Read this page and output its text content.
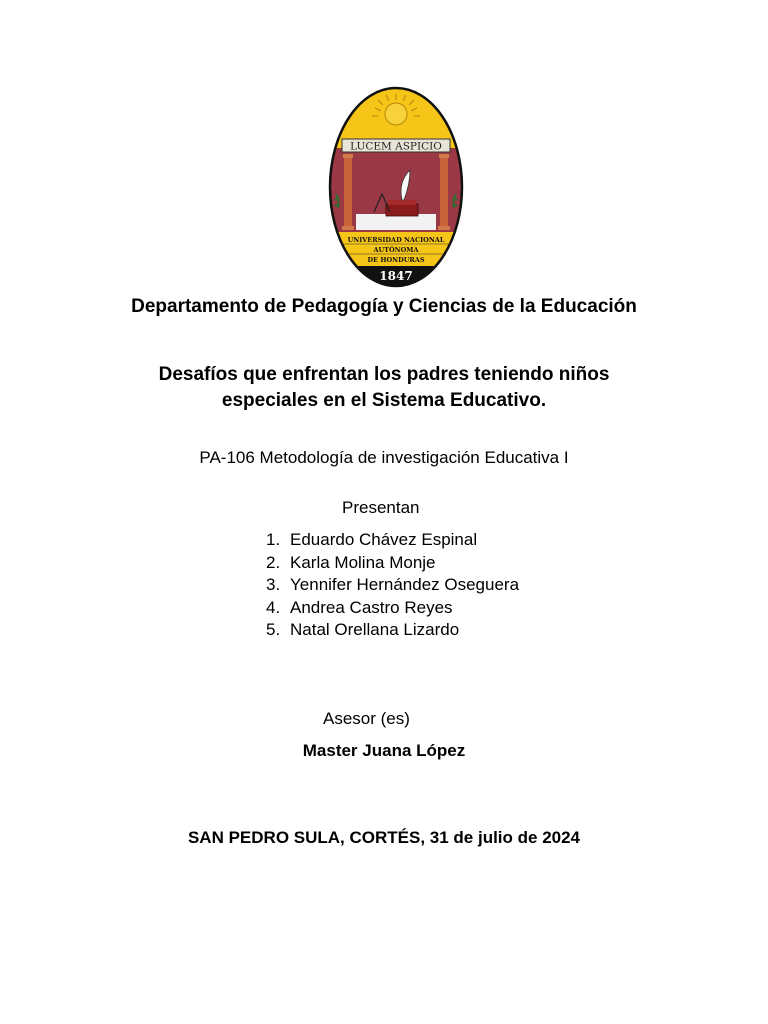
LUCEM ASPICIO
UNIVERSIDAD NACIONAL
AUTÓNOMA
DE HONDURAS
1847
Departamento de Pedagogía y Ciencias de la Educación
Desafíos que enfrentan los padres teniendo niños
especiales en el Sistema Educativo.
PA-106 Metodología de investigación Educativa I
Presentan
1. Eduardo Chávez Espinal
2. Karla Molina Monje
3. Yennifer Hernández Oseguera
4. Andrea Castro Reyes
5. Natal Orellana Lizardo
Asesor (es)
Master Juana López
SAN PEDRO SULA, CORTÉS, 31 de julio de 2024
